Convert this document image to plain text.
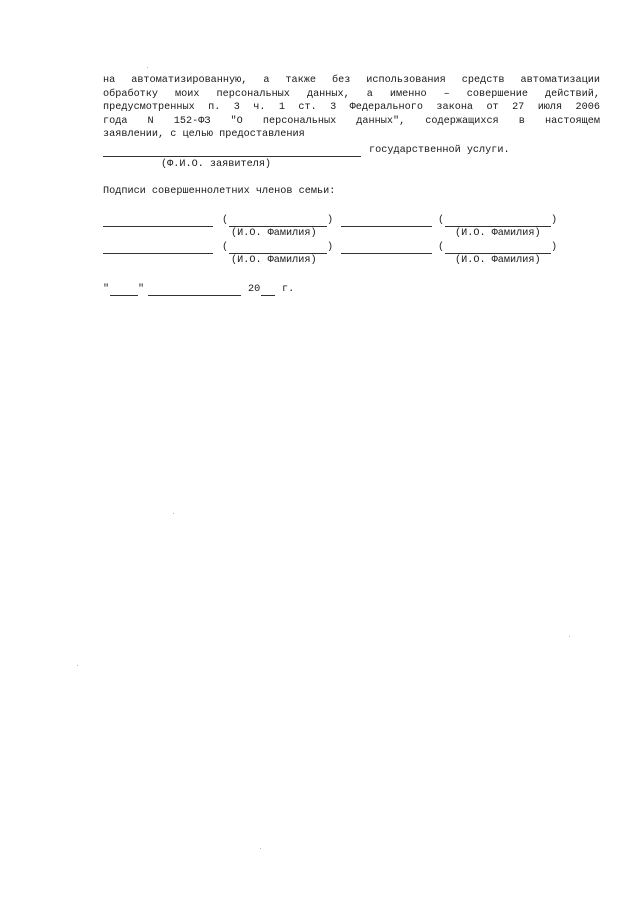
на автоматизированную, а также без использования средств автоматизации
обработку моих персональных данных, а именно – совершение действий,
предусмотренных п. 3 ч. 1 ст. 3 Федерального закона от 27 июля 2006
года N 152-ФЗ "О персональных данных", содержащихся в настоящем
заявлении, с целью предоставления
государственной услуги.
(Ф.И.О. заявителя)
Подписи совершеннолетних членов семьи:
(	)	(	)
(И.О. Фамилия)	(И.О. Фамилия)
(	)	(	)
(И.О. Фамилия)	(И.О. Фамилия)
"	"	20 г.
